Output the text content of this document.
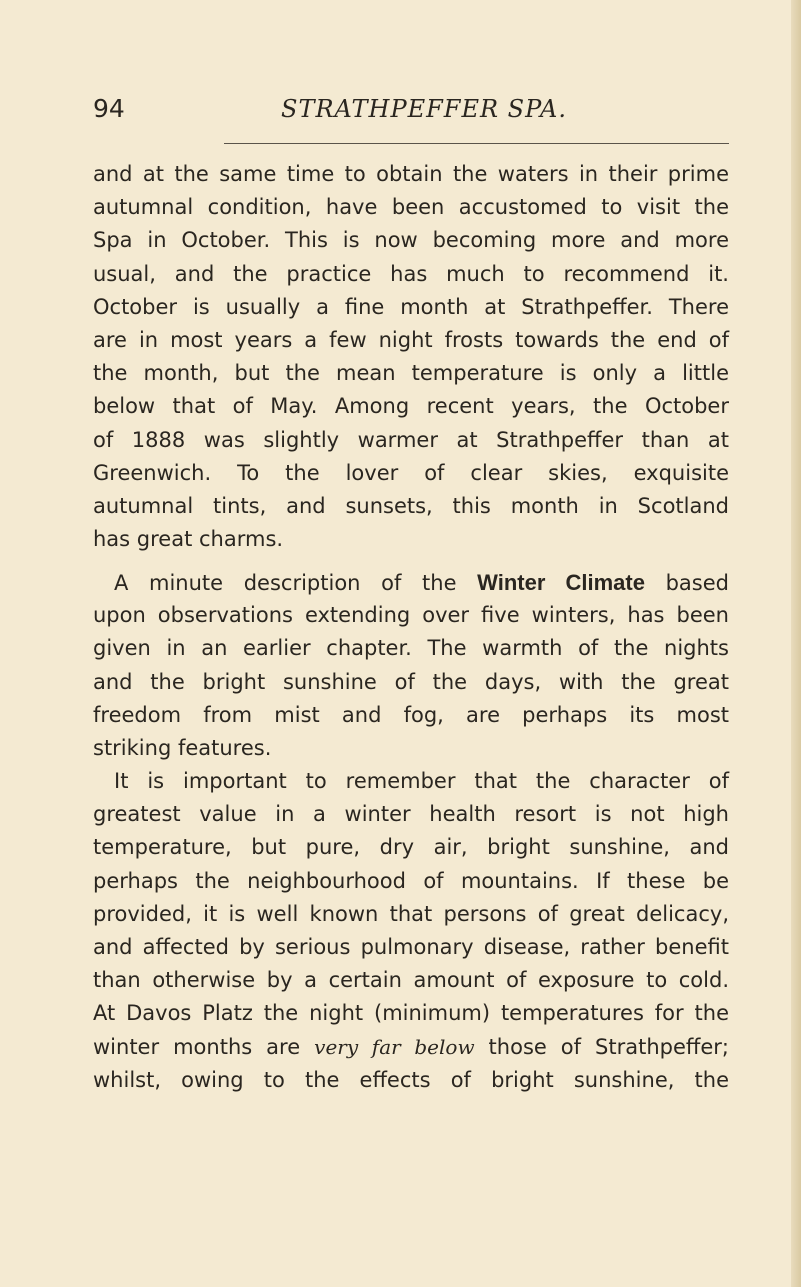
94	STRATHPEFFER SPA.
and at the same time to obtain the waters in their prime
autumnal condition, have been accustomed to visit the
Spa in October. This is now becoming more and more
usual, and the practice has much to recommend it.
October is usually a fine month at Strathpeffer. There
are in most years a few night frosts towards the end of
the month, but the mean temperature is only a little
below that of May. Among recent years, the October
of 1888 was slightly warmer at Strathpeffer than at
Greenwich. To the lover of clear skies, exquisite
autumnal tints, and sunsets, this month in Scotland
has great charms.
A minute description of the Winter Climate based
upon observations extending over five winters, has been
given in an earlier chapter. The warmth of the nights
and the bright sunshine of the days, with the great
freedom from mist and fog, are perhaps its most
striking features.
It is important to remember that the character of
greatest value in a winter health resort is not high
temperature, but pure, dry air, bright sunshine, and
perhaps the neighbourhood of mountains. If these be
provided, it is well known that persons of great delicacy,
and affected by serious pulmonary disease, rather benefit
than otherwise by a certain amount of exposure to cold.
At Davos Platz the night (minimum) temperatures for the
winter months are very far below those of Strathpeffer;
whilst, owing to the effects of bright sunshine, the
